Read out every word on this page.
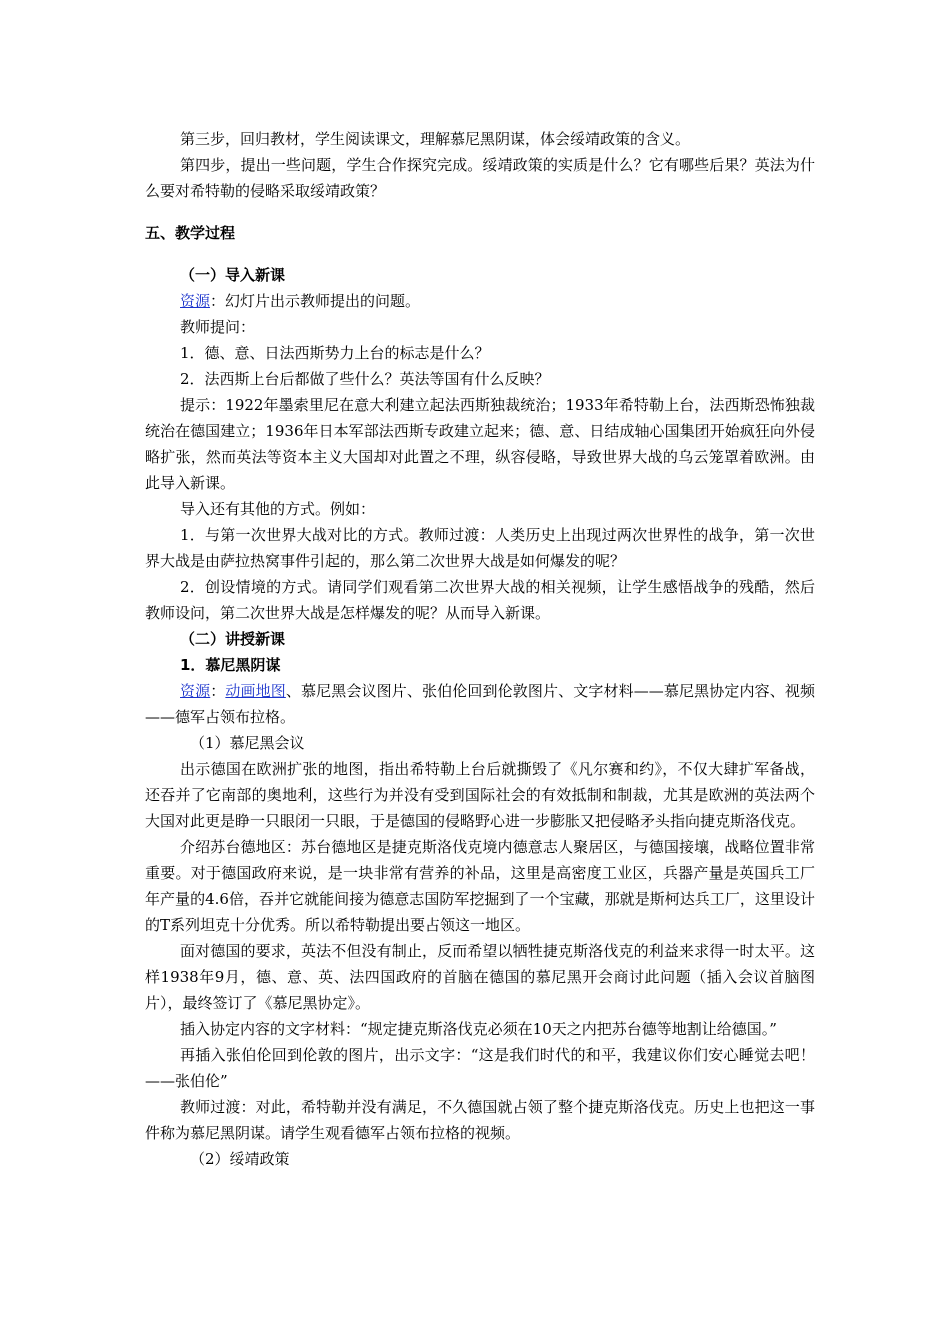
第三步，回归教材，学生阅读课文，理解慕尼黑阴谋，体会绥靖政策的含义。

第四步，提出一些问题，学生合作探究完成。绥靖政策的实质是什么？它有哪些后果？英法为什么要对希特勒的侵略采取绥靖政策？

五、教学过程

（一）导入新课

资源：幻灯片出示教师提出的问题。

教师提问：

1．德、意、日法西斯势力上台的标志是什么？

2．法西斯上台后都做了些什么？英法等国有什么反映？

提示：1922年墨索里尼在意大利建立起法西斯独裁统治；1933年希特勒上台，法西斯恐怖独裁统治在德国建立；1936年日本军部法西斯专政建立起来；德、意、日结成轴心国集团开始疯狂向外侵略扩张，然而英法等资本主义大国却对此置之不理，纵容侵略，导致世界大战的乌云笼罩着欧洲。由此导入新课。

导入还有其他的方式。例如：

1．与第一次世界大战对比的方式。教师过渡：人类历史上出现过两次世界性的战争，第一次世界大战是由萨拉热窝事件引起的，那么第二次世界大战是如何爆发的呢？

2．创设情境的方式。请同学们观看第二次世界大战的相关视频，让学生感悟战争的残酷，然后教师设问，第二次世界大战是怎样爆发的呢？从而导入新课。

（二）讲授新课

1．慕尼黑阴谋

资源：动画地图、慕尼黑会议图片、张伯伦回到伦敦图片、文字材料——慕尼黑协定内容、视频——德军占领布拉格。

（1）慕尼黑会议

出示德国在欧洲扩张的地图，指出希特勒上台后就撕毁了《凡尔赛和约》，不仅大肆扩军备战，还吞并了它南部的奥地利，这些行为并没有受到国际社会的有效抵制和制裁，尤其是欧洲的英法两个大国对此更是睁一只眼闭一只眼，于是德国的侵略野心进一步膨胀又把侵略矛头指向捷克斯洛伐克。

介绍苏台德地区：苏台德地区是捷克斯洛伐克境内德意志人聚居区，与德国接壤，战略位置非常重要。对于德国政府来说，是一块非常有营养的补品，这里是高密度工业区，兵器产量是英国兵工厂年产量的4.6倍，吞并它就能间接为德意志国防军挖掘到了一个宝藏，那就是斯柯达兵工厂，这里设计的T系列坦克十分优秀。所以希特勒提出要占领这一地区。

面对德国的要求，英法不但没有制止，反而希望以牺牲捷克斯洛伐克的利益来求得一时太平。这样1938年9月，德、意、英、法四国政府的首脑在德国的慕尼黑开会商讨此问题（插入会议首脑图片），最终签订了《慕尼黑协定》。

插入协定内容的文字材料：“规定捷克斯洛伐克必须在10天之内把苏台德等地割让给德国。”

再插入张伯伦回到伦敦的图片，出示文字：“这是我们时代的和平，我建议你们安心睡觉去吧！——张伯伦”

教师过渡：对此，希特勒并没有满足，不久德国就占领了整个捷克斯洛伐克。历史上也把这一事件称为慕尼黑阴谋。请学生观看德军占领布拉格的视频。

（2）绥靖政策
